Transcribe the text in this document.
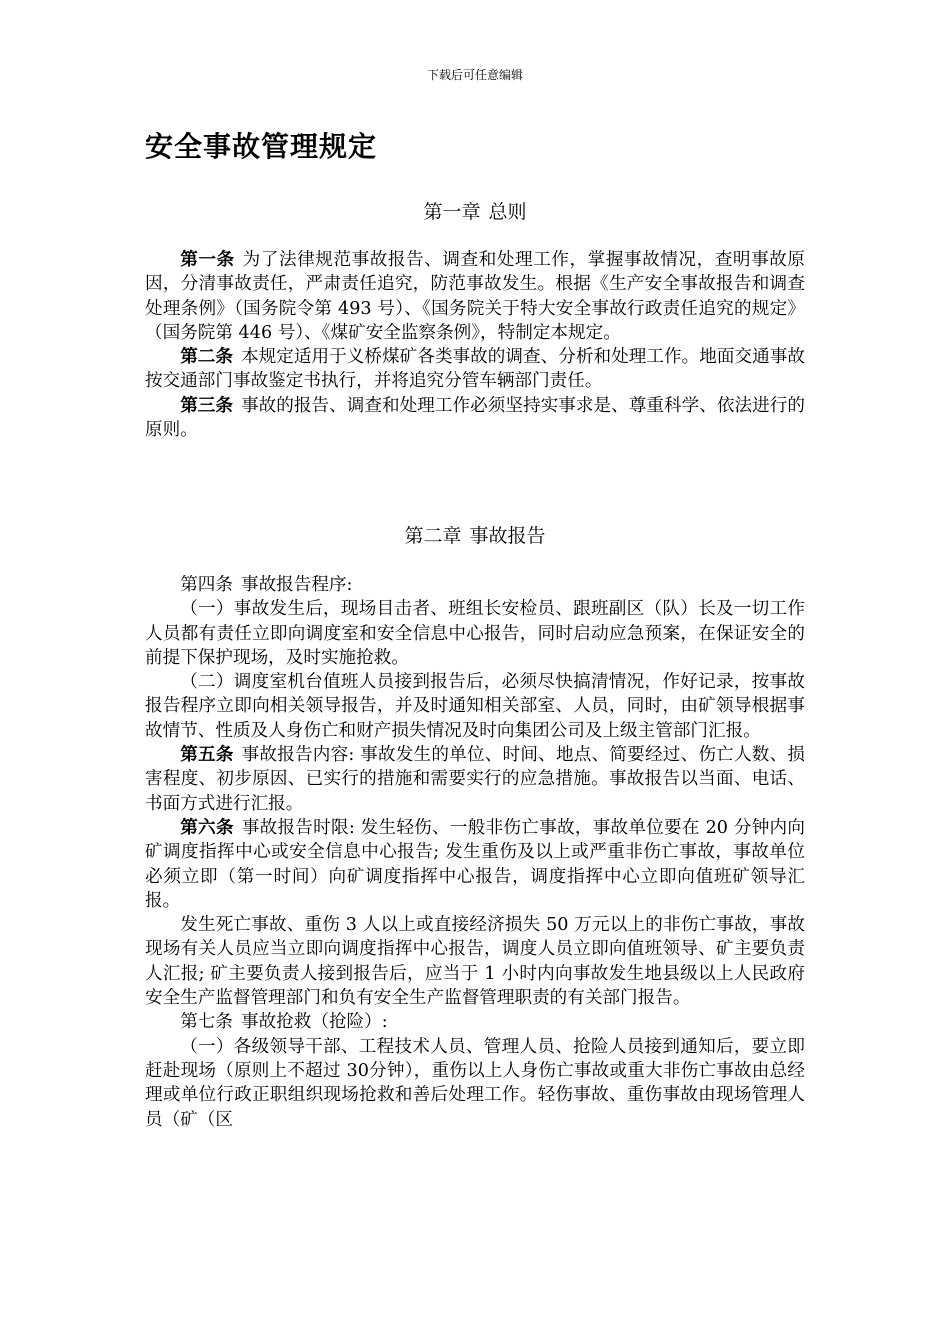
下载后可任意编辑
安全事故管理规定
第一章 总则

第一条 为了法律规范事故报告、调查和处理工作，掌握事故情况，查明事故原因，分清事故责任，严肃责任追究，防范事故发生。根据《生产安全事故报告和调查处理条例》（国务院令第 493 号）、《国务院关于特大安全事故行政责任追究的规定》（国务院第 446 号）、《煤矿安全监察条例》，特制定本规定。

第二条 本规定适用于义桥煤矿各类事故的调查、分析和处理工作。地面交通事故按交通部门事故鉴定书执行，并将追究分管车辆部门责任。

第三条 事故的报告、调查和处理工作必须坚持实事求是、尊重科学、依法进行的原则。

第二章 事故报告

第四条 事故报告程序:

（一）事故发生后，现场目击者、班组长安检员、跟班副区（队）长及一切工作人员都有责任立即向调度室和安全信息中心报告，同时启动应急预案，在保证安全的前提下保护现场，及时实施抢救。

（二）调度室机台值班人员接到报告后，必须尽快搞清情况，作好记录，按事故报告程序立即向相关领导报告，并及时通知相关部室、人员，同时，由矿领导根据事故情节、性质及人身伤亡和财产损失情况及时向集团公司及上级主管部门汇报。

第五条 事故报告内容: 事故发生的单位、时间、地点、简要经过、伤亡人数、损害程度、初步原因、已实行的措施和需要实行的应急措施。事故报告以当面、电话、书面方式进行汇报。

第六条 事故报告时限: 发生轻伤、一般非伤亡事故，事故单位要在 20 分钟内向矿调度指挥中心或安全信息中心报告; 发生重伤及以上或严重非伤亡事故，事故单位必须立即（第一时间）向矿调度指挥中心报告，调度指挥中心立即向值班矿领导汇报。

发生死亡事故、重伤 3 人以上或直接经济损失 50 万元以上的非伤亡事故，事故现场有关人员应当立即向调度指挥中心报告，调度人员立即向值班领导、矿主要负责人汇报; 矿主要负责人接到报告后，应当于 1 小时内向事故发生地县级以上人民政府安全生产监督管理部门和负有安全生产监督管理职责的有关部门报告。

第七条 事故抢救（抢险）:

（一）各级领导干部、工程技术人员、管理人员、抢险人员接到通知后，要立即赶赴现场（原则上不超过 30分钟），重伤以上人身伤亡事故或重大非伤亡事故由总经理或单位行政正职组织现场抢救和善后处理工作。轻伤事故、重伤事故由现场管理人员（矿（区
